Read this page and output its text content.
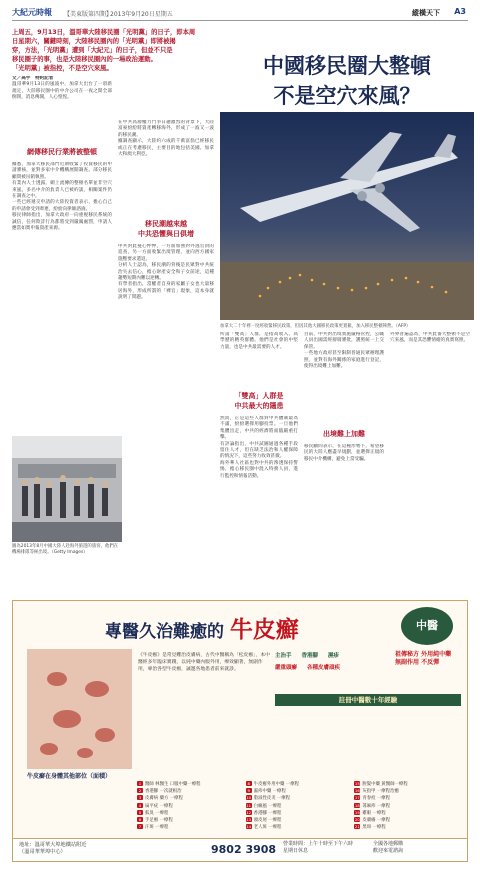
大紀元時報 【美東版第四期】
2013年9月20日星期五	縱橫天下 A3
上周五，9月13日，溫哥華大陸移民圈「光明黨」的日子，即本周
日星期六，關鍵時刻，大陸移民圈內的「光明黨」即將被揭
穿，方法，「光明黨」遭到「大紀元」的日子，但並不只是
移民圈子的事，也是大陸移民圈內的一場政治運動。
「光明黨」被指控，不是空穴來風。	中國移民圈大整頓
不是空穴來風？
加拿大二十年裡一度經收緊移民政策，但因其他大國移民政策更寬鬆，加入移民整頓陣營。（AFP）
文／高宇　特約記者
溫哥華9月13日的風波中，加拿大出台了一項新規定，大陸移民圈中的中介公司在一夜之間全部倒閉，消息傳開，人心惶惶。
網傳移民行業將被整頓
據悉，加拿大移民部門近期收緊了投資移民的申請審核，並對多家中介機構展開調查。部分移民顧問被吊銷執照。
有業內人士透露，網上流傳的整頓名單並非空穴來風，多名中介的負責人已被約談，相關案件仍在調查之中。
一些已經遞交申請的大陸投資者表示，擔心自己的申請會受到牽連，紛紛向律師諮詢。
移民律師指出，加拿大政府一向重視移民系統的誠信，任何欺詐行為都將受到嚴厲處罰，申請人應當如實申報資產來源。
圖為2013年8月中國大陸人赴海外旅遊的旅客，他們在機場排隊等候出境。（Getty Images）
在中共高層權力鬥爭日趨激烈的背景下，大陸富豪紛紛將資產轉移海外，形成了一波又一波的移民潮。
據調查顯示，大陸約六成的千萬富翁已經移民或正在考慮移民，主要目的地包括美國、加拿大和澳大利亞。
移民潮越來越
中共恐懼與日俱增
中共對此憂心忡忡，一方面加強對外逃官員的追查，另一方面收緊出境管理，並向西方國家施壓要求遣返。
分析人士認為，移民潮的背後是民眾對中共統治失去信心，擔心財產安全和子女前途，這種趨勢短期內難以逆轉。
有學者指出，當權者自身的家屬子女也大量移居海外，形成所謂的「裸官」現象，這本身就說明了問題。
所謂「雙高」人群，是指高收入、高學歷的精英群體。他們是社會的中堅力量，也是中共最需要的人才。
「雙高」人群是
中共最大的隱患
然而，正是這些人群對中共體制最為不滿，紛紛選擇用腳投票。一旦他們集體出走，中共的經濟將面臨嚴重打擊。
有評論指出，中共試圖通過各種手段留住人才，但在缺乏法治和人權保障的情況下，這些努力收效甚微。
海外華人社區也對中共的滲透保持警惕，擔心移民圈中混入特務人員，進行監控和情報活動。
目前，中共對出境實施嚴格管控，公職人員出國需經層層審批，護照統一上交保管。
一些地方政府甚至限制普通民眾辦理護照，並對有海外關係的家庭進行登記，使得出境難上加難。
出境難上加難
移民顧問表示，在這種形勢下，希望移民的大陸人應盡早規劃，並選擇正規的移民中介機構，避免上當受騙。
外界普遍認為，中共此番大整頓不是空穴來風，而是其恐懼情緒的真實寫照。
專醫久治難癒的 牛皮癬	中醫
牛皮癬在身體其他部位（面積）
《牛皮癬》是常見難治皮膚病，古代中醫稱為「松皮癬」，本中醫經多年臨床實踐，以純中藥內服外用，療效顯著，無副作用，專治各型牛皮癬，誠邀各地患者前來就診。
主治手 香港腳 濕疹
嚴重頭癬 各種皮膚頑疾
祖傳秘方 外用純中藥
無副作用 不反彈
註冊中醫數十年經驗
1 醫師 林醫生 口服中藥一療程	8 牛皮癬外用中藥 一療程	15 脫髮中藥 黃醫師一療程
2 香港腳 一次就根治	9 濕疹中藥 一療程	16 灰指甲 一療程治癒
3 皮膚病 藥方 一療程	10 脂溢性皮炎 一療程	17 青春痘 一療程
4 扁平疣 一療程	11 白癜風 一療程	18 蕁麻疹 一療程
5 狐臭 一療程	12 香港腳 一療程	19 雞眼 一療程
6 手足癬 一療程	13 頭皮屑 一療程	20 皮膚癢 一療程
7 汗斑 一療程	14 老人斑 一療程	21 黑斑 一療程
地址：溫哥華大埠地鐵站附近
（溫哥華華埠中心）	9802 3908 營業時間：上午十時至下午六時
星期日休息
全國各地郵購
歡迎來電諮詢
